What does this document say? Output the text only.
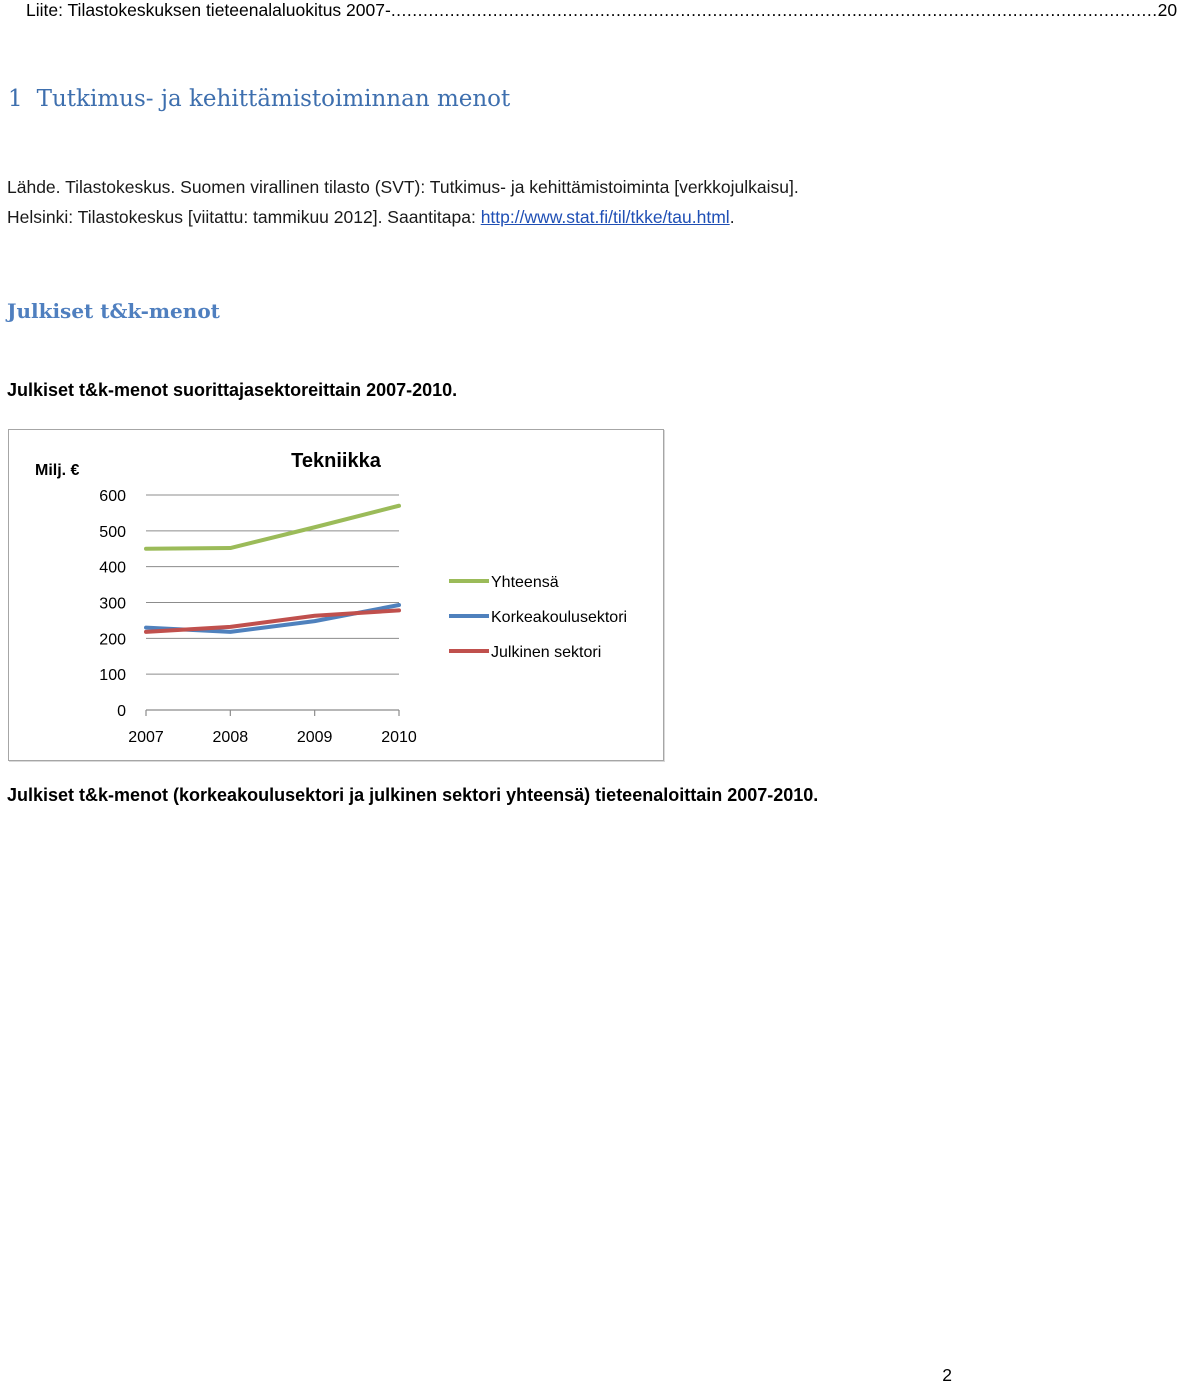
Liite: Tilastokeskuksen tieteenalaluokitus 2007- ............................................................................................................................................... 20
1 Tutkimus- ja kehittämistoiminnan menot
Lähde. Tilastokeskus. Suomen virallinen tilasto (SVT): Tutkimus- ja kehittämistoiminta [verkkojulkaisu].
Helsinki: Tilastokeskus [viitattu: tammikuu 2012]. Saantitapa: http://www.stat.fi/til/tkke/tau.html.
Julkiset t&k-menot
Julkiset t&k-menot suorittajasektoreittain 2007-2010.
Tekniikka
Milj. €
0
100
200
300
400
500
600
2007	2008	2009	2010
Yhteensä
Korkeakoulusektori
Julkinen sektori
Julkiset t&k-menot (korkeakoulusektori ja julkinen sektori yhteensä) tieteenaloittain 2007-2010.
2
